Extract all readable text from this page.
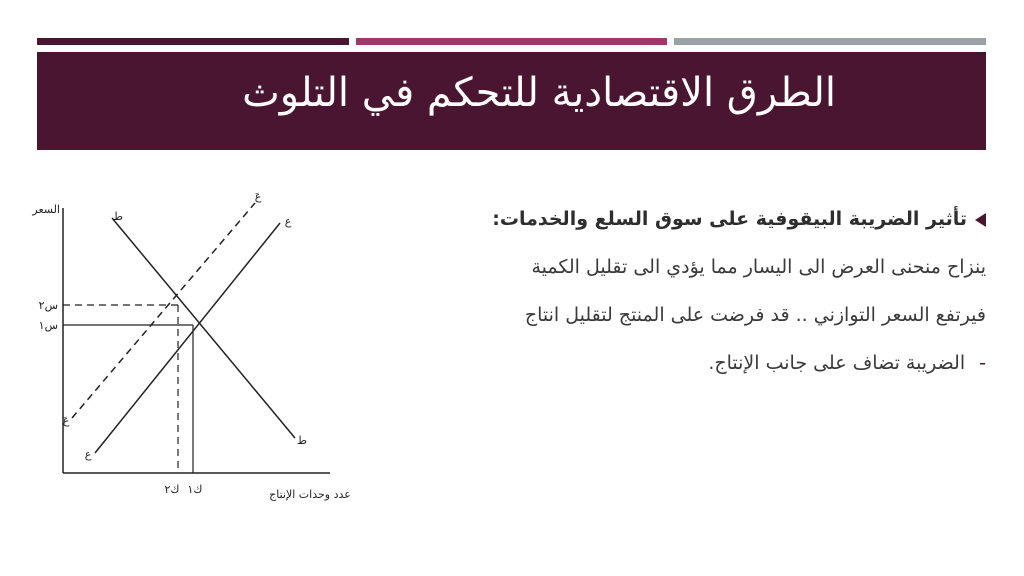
الطرق الاقتصادية للتحكم في التلوث
السعر
عدد وحدات الإنتاج
س٢
س١
ك٢ ك١
ط
ط
ع
ع
عَ
عَ
تأثير الضريبة البيقوفية على سوق السلع والخدمات:
ينزاح منحنى العرض الى اليسار مما يؤدي الى تقليل الكمية
فيرتفع السعر التوازني .. قد فرضت على المنتج لتقليل انتاج
-الضريبة تضاف على جانب الإنتاج.
